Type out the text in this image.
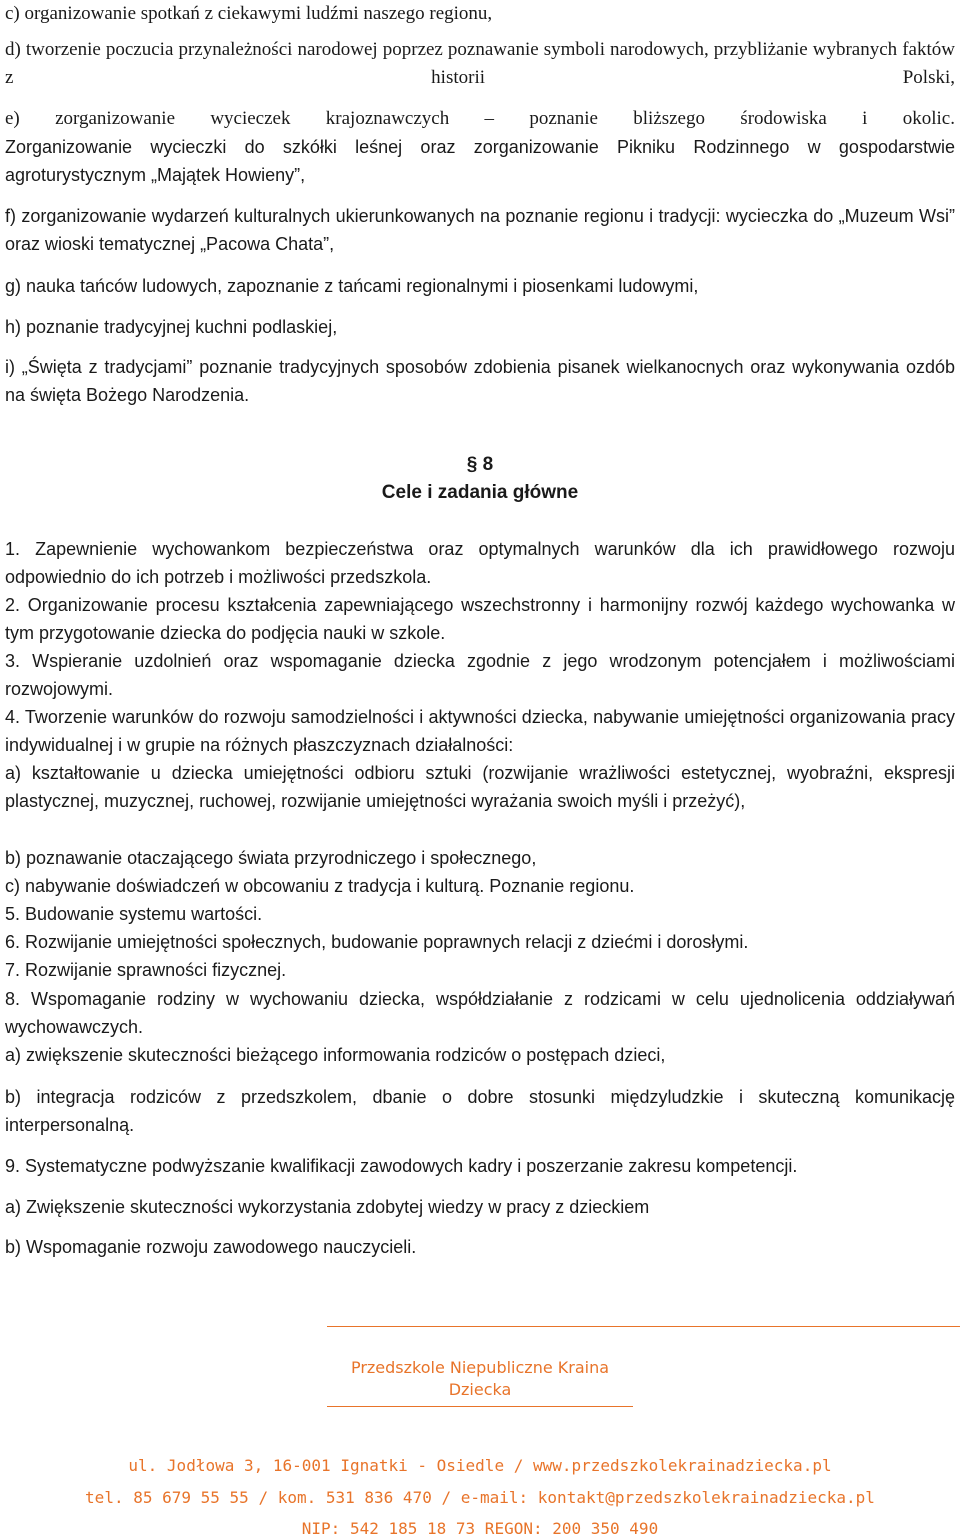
c) organizowanie spotkań z ciekawymi ludźmi naszego regionu,

d) tworzenie poczucia przynależności narodowej poprzez poznawanie symboli narodowych, przybliżanie wybranych faktów z historii Polski,

e) zorganizowanie wycieczek krajoznawczych – poznanie bliższego środowiska i okolic.

Zorganizowanie wycieczki do szkółki leśnej oraz zorganizowanie Pikniku Rodzinnego w gospodarstwie agroturystycznym „Majątek Howieny”,

f) zorganizowanie wydarzeń kulturalnych ukierunkowanych na poznanie regionu i tradycji: wycieczka do „Muzeum Wsi” oraz wioski tematycznej „Pacowa Chata”,

g) nauka tańców ludowych, zapoznanie z tańcami regionalnymi i piosenkami ludowymi,

h) poznanie tradycyjnej kuchni podlaskiej,

i) „Święta z tradycjami” poznanie tradycyjnych sposobów zdobienia pisanek wielkanocnych oraz wykonywania ozdób na święta Bożego Narodzenia.

§ 8

Cele i zadania główne

1. Zapewnienie wychowankom bezpieczeństwa oraz optymalnych warunków dla ich prawidłowego rozwoju odpowiednio do ich potrzeb i możliwości przedszkola.

2. Organizowanie procesu kształcenia zapewniającego wszechstronny i harmonijny rozwój każdego wychowanka w tym przygotowanie dziecka do podjęcia nauki w szkole.

3. Wspieranie uzdolnień oraz wspomaganie dziecka zgodnie z jego wrodzonym potencjałem i możliwościami rozwojowymi.

4. Tworzenie warunków do rozwoju samodzielności i aktywności dziecka, nabywanie umiejętności organizowania pracy indywidualnej i w grupie na różnych płaszczyznach działalności:

a) kształtowanie u dziecka umiejętności odbioru sztuki (rozwijanie wrażliwości estetycznej, wyobraźni, ekspresji plastycznej, muzycznej, ruchowej, rozwijanie umiejętności wyrażania swoich myśli i przeżyć),

b) poznawanie otaczającego świata przyrodniczego i społecznego,

c) nabywanie doświadczeń w obcowaniu z tradycja i kulturą. Poznanie regionu.

5. Budowanie systemu wartości.

6. Rozwijanie umiejętności społecznych, budowanie poprawnych relacji z dziećmi i dorosłymi.

7. Rozwijanie sprawności fizycznej.

8. Wspomaganie rodziny w wychowaniu dziecka, współdziałanie z rodzicami w celu ujednolicenia oddziaływań wychowawczych.

a) zwiększenie skuteczności bieżącego informowania rodziców o postępach dzieci,

b) integracja rodziców z przedszkolem, dbanie o dobre stosunki międzyludzkie i skuteczną komunikację interpersonalną.

9. Systematyczne podwyższanie kwalifikacji zawodowych kadry i poszerzanie zakresu kompetencji.

a) Zwiększenie skuteczności wykorzystania zdobytej wiedzy w pracy z dzieckiem

b) Wspomaganie rozwoju zawodowego nauczycieli.

Przedszkole Niepubliczne Kraina Dziecka

ul. Jodłowa 3, 16-001 Ignatki - Osiedle / www.przedszkolekrainadziecka.pl

tel. 85 679 55 55 / kom. 531 836 470 / e-mail: kontakt@przedszkolekrainadziecka.pl

NIP: 542 185 18 73 REGON: 200 350 490
